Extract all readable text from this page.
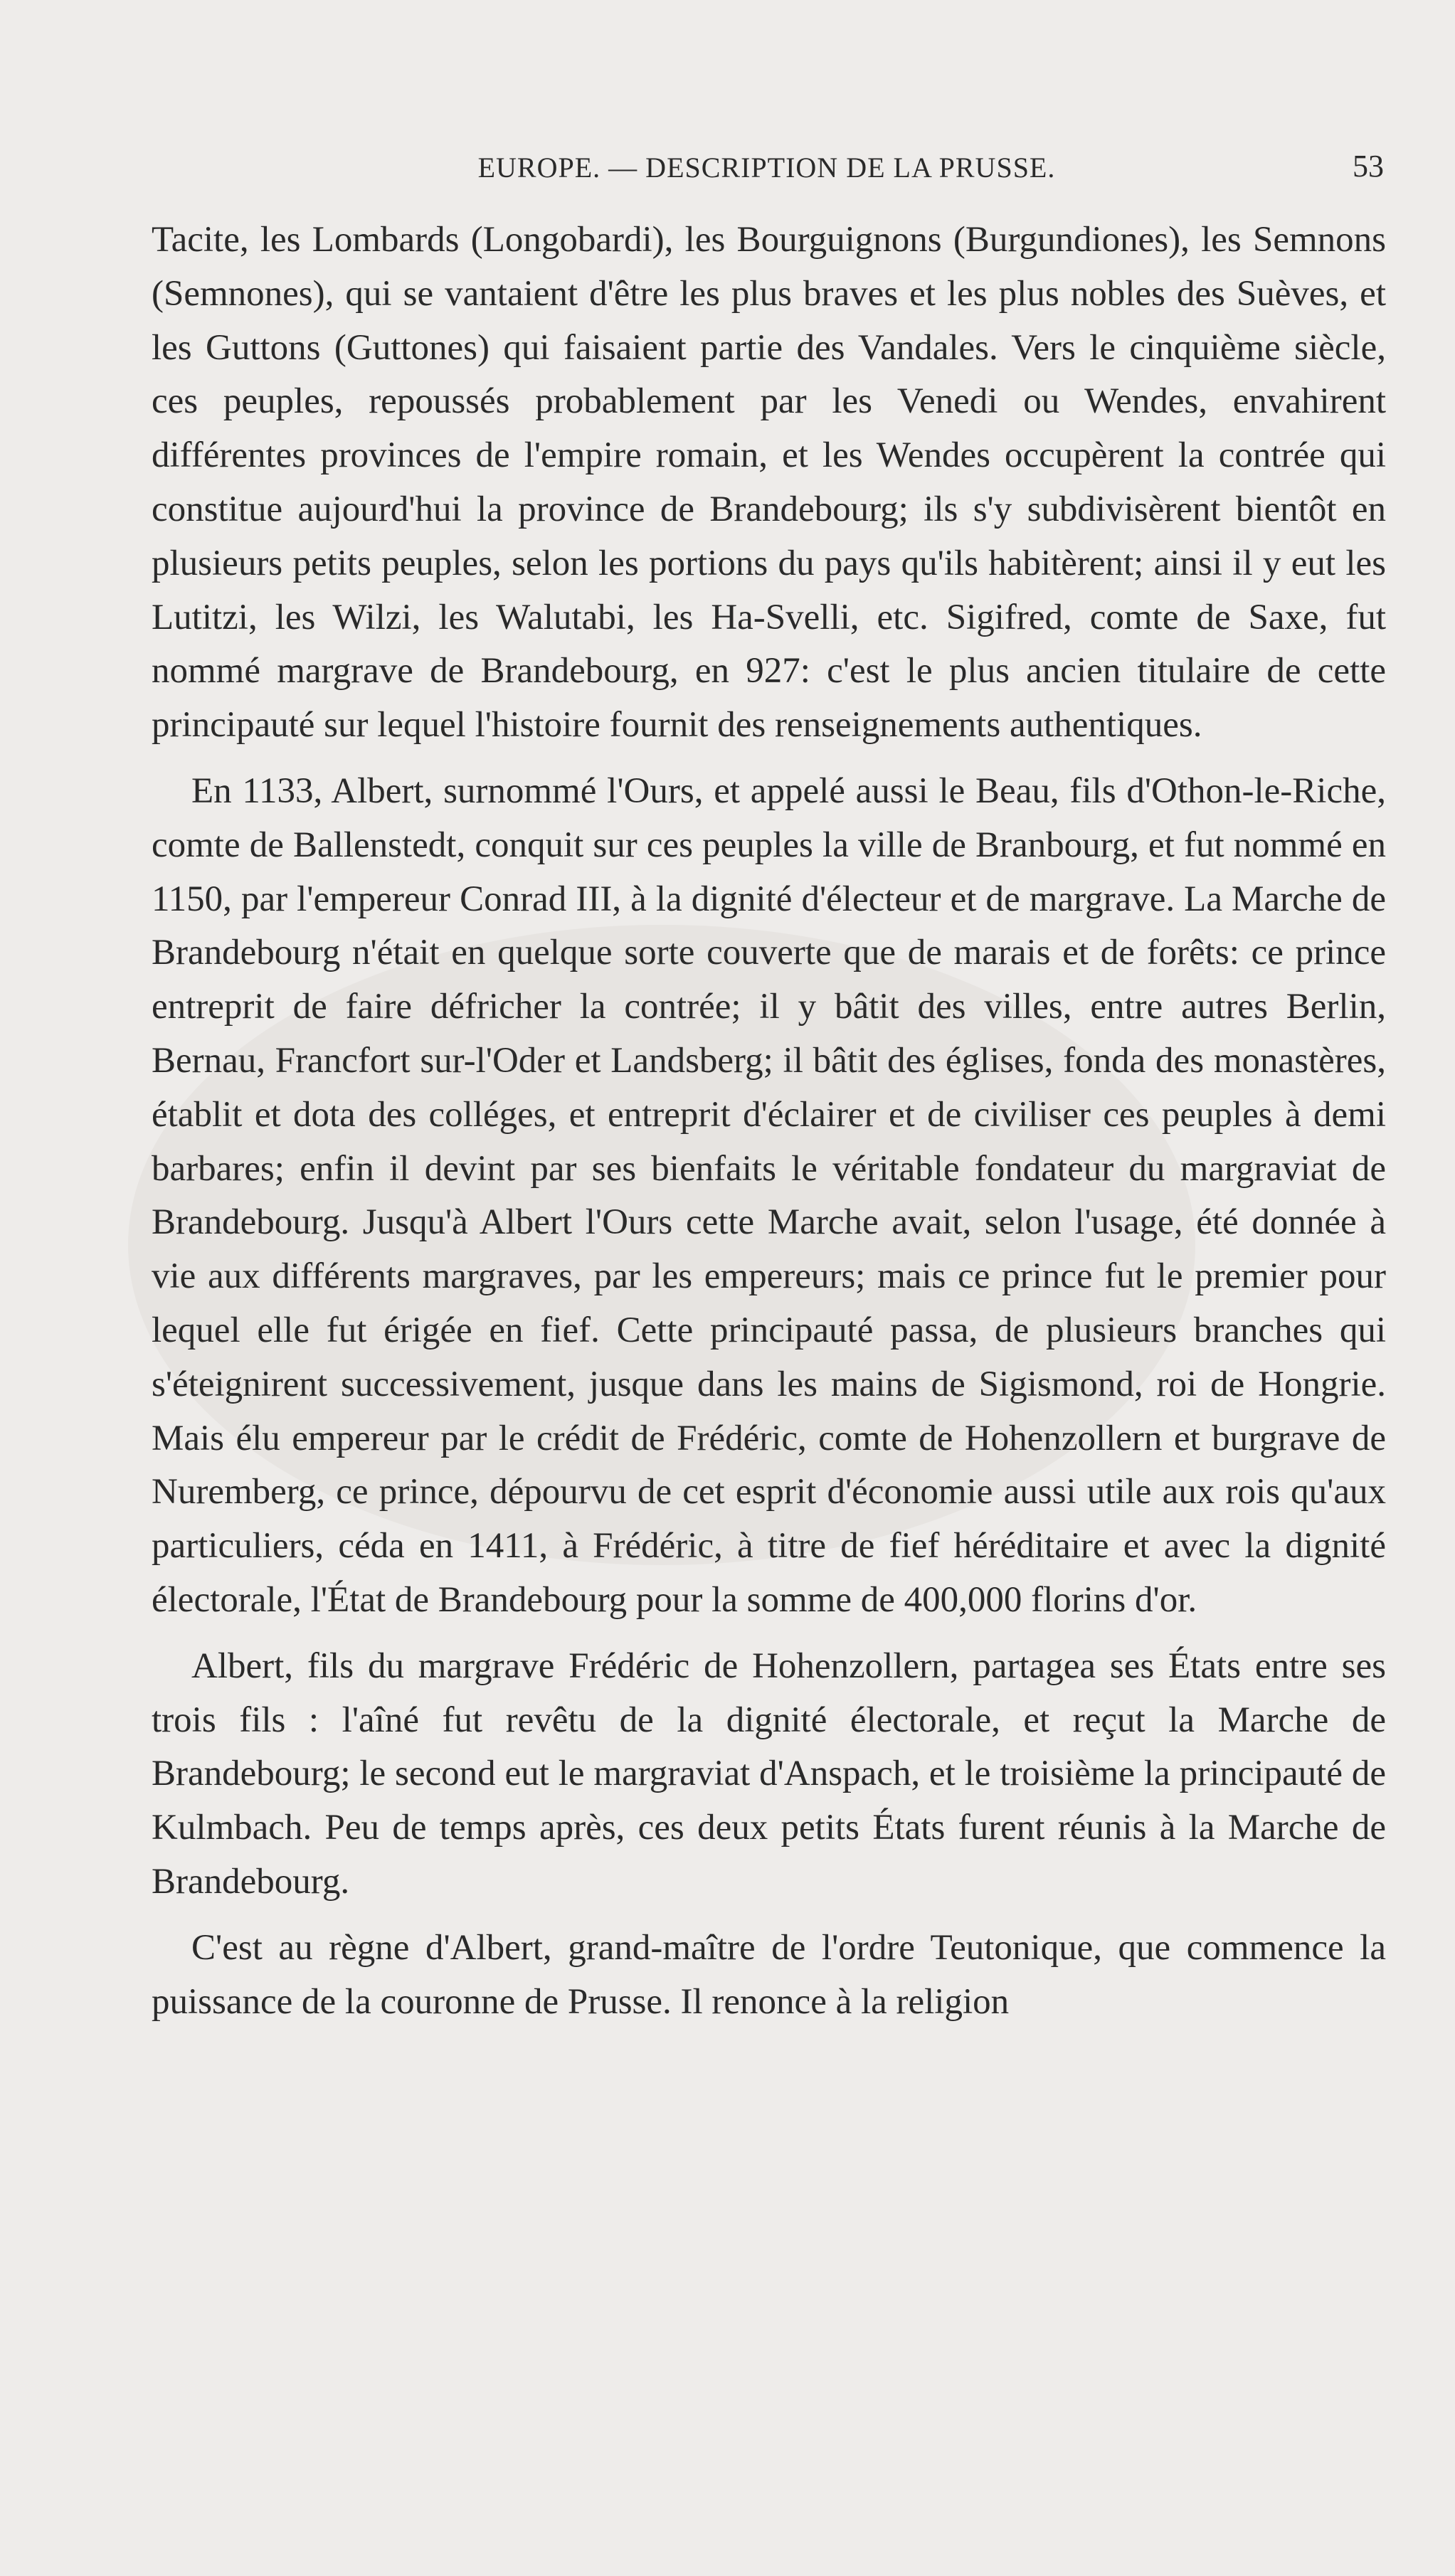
EUROPE. — DESCRIPTION DE LA PRUSSE.	53

Tacite, les Lombards (Longobardi), les Bourguignons (Burgundiones), les Semnons (Semnones), qui se vantaient d'être les plus braves et les plus nobles des Suèves, et les Guttons (Guttones) qui faisaient partie des Vandales. Vers le cinquième siècle, ces peuples, repoussés probablement par les Venedi ou Wendes, envahirent différentes provinces de l'empire romain, et les Wendes occupèrent la contrée qui constitue aujourd'hui la province de Brandebourg; ils s'y subdivisèrent bientôt en plusieurs petits peuples, selon les portions du pays qu'ils habitèrent; ainsi il y eut les Lutitzi, les Wilzi, les Walutabi, les Ha-Svelli, etc. Sigifred, comte de Saxe, fut nommé margrave de Brandebourg, en 927: c'est le plus ancien titulaire de cette principauté sur lequel l'histoire fournit des renseignements authentiques.

En 1133, Albert, surnommé l'Ours, et appelé aussi le Beau, fils d'Othon-le-Riche, comte de Ballenstedt, conquit sur ces peuples la ville de Branbourg, et fut nommé en 1150, par l'empereur Conrad III, à la dignité d'électeur et de margrave. La Marche de Brandebourg n'était en quelque sorte couverte que de marais et de forêts: ce prince entreprit de faire défricher la contrée; il y bâtit des villes, entre autres Berlin, Bernau, Francfort sur-l'Oder et Landsberg; il bâtit des églises, fonda des monastères, établit et dota des colléges, et entreprit d'éclairer et de civiliser ces peuples à demi barbares; enfin il devint par ses bienfaits le véritable fondateur du margraviat de Brandebourg. Jusqu'à Albert l'Ours cette Marche avait, selon l'usage, été donnée à vie aux différents margraves, par les empereurs; mais ce prince fut le premier pour lequel elle fut érigée en fief. Cette principauté passa, de plusieurs branches qui s'éteignirent successivement, jusque dans les mains de Sigismond, roi de Hongrie. Mais élu empereur par le crédit de Frédéric, comte de Hohenzollern et burgrave de Nuremberg, ce prince, dépourvu de cet esprit d'économie aussi utile aux rois qu'aux particuliers, céda en 1411, à Frédéric, à titre de fief héréditaire et avec la dignité électorale, l'État de Brandebourg pour la somme de 400,000 florins d'or.

Albert, fils du margrave Frédéric de Hohenzollern, partagea ses États entre ses trois fils : l'aîné fut revêtu de la dignité électorale, et reçut la Marche de Brandebourg; le second eut le margraviat d'Anspach, et le troisième la principauté de Kulmbach. Peu de temps après, ces deux petits États furent réunis à la Marche de Brandebourg.

C'est au règne d'Albert, grand-maître de l'ordre Teutonique, que commence la puissance de la couronne de Prusse. Il renonce à la religion
